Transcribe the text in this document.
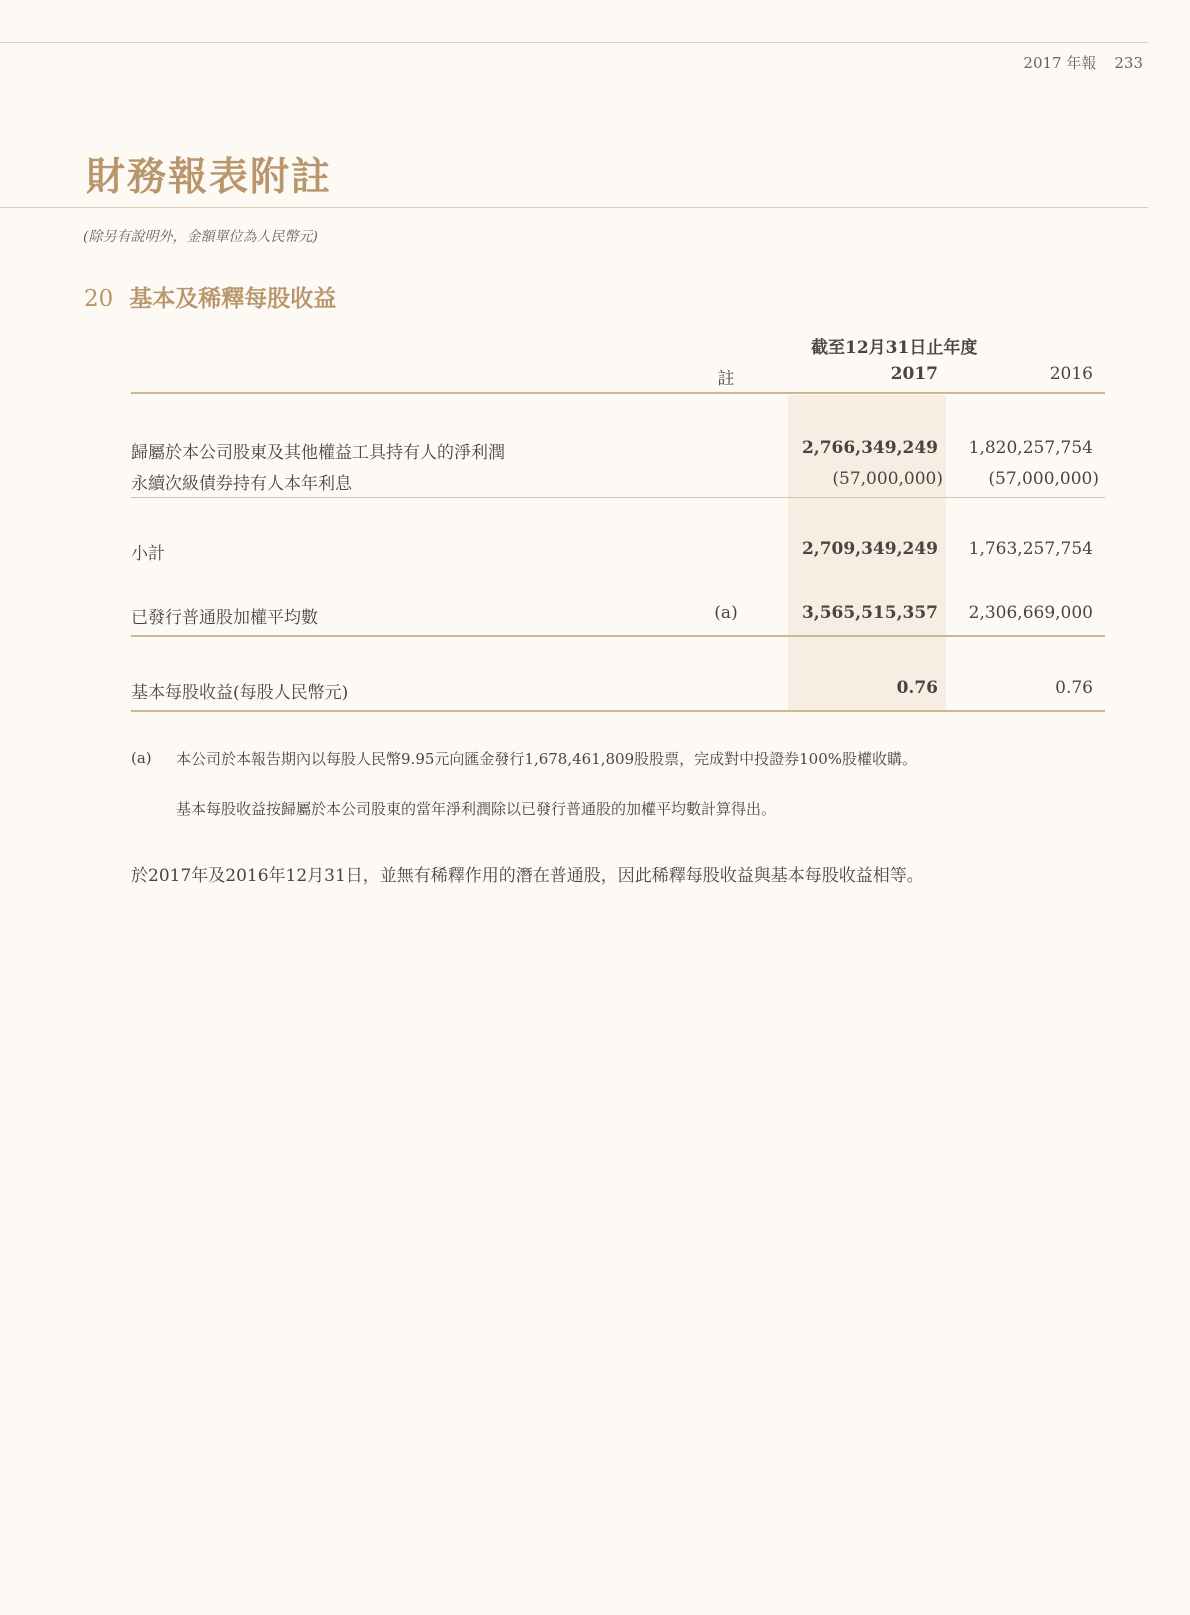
2017 年報 233
財務報表附註
(除另有說明外，金額單位為人民幣元)
20 基本及稀釋每股收益
截至12月31日止年度
註	2017	2016
歸屬於本公司股東及其他權益工具持有人的淨利潤	2,766,349,249 1,820,257,754
永續次級債券持有人本年利息	(57,000,000)	(57,000,000)
小計	2,709,349,249 1,763,257,754
已發行普通股加權平均數	(a)	3,565,515,357 2,306,669,000
基本每股收益(每股人民幣元)	0.76	0.76
(a) 本公司於本報告期內以每股人民幣9.95元向匯金發行1,678,461,809股股票，完成對中投證券100%股權收購。
基本每股收益按歸屬於本公司股東的當年淨利潤除以已發行普通股的加權平均數計算得出。
於2017年及2016年12月31日，並無有稀釋作用的潛在普通股，因此稀釋每股收益與基本每股收益相等。
